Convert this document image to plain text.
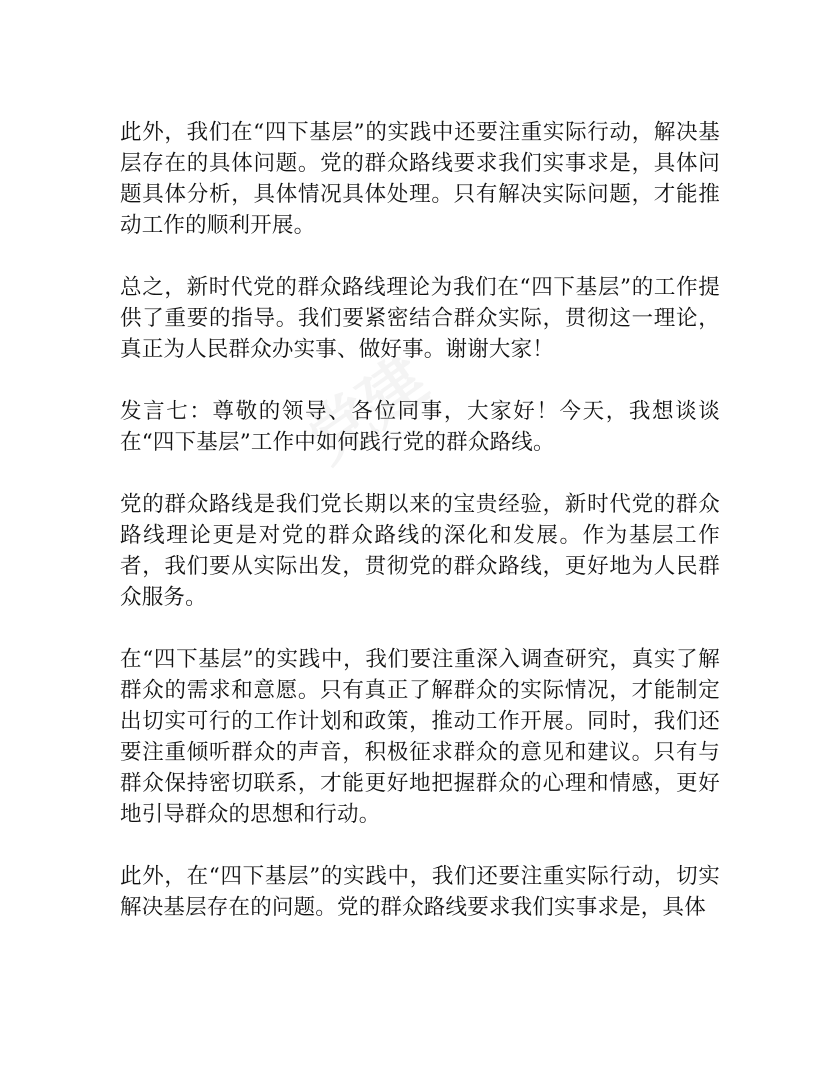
此外，我们在“四下基层”的实践中还要注重实际行动，解决基层存在的具体问题。党的群众路线要求我们实事求是，具体问题具体分析，具体情况具体处理。只有解决实际问题，才能推动工作的顺利开展。

总之，新时代党的群众路线理论为我们在“四下基层”的工作提供了重要的指导。我们要紧密结合群众实际，贯彻这一理论，真正为人民群众办实事、做好事。谢谢大家！

发言七：尊敬的领导、各位同事，大家好！今天，我想谈谈在“四下基层”工作中如何践行党的群众路线。

党的群众路线是我们党长期以来的宝贵经验，新时代党的群众路线理论更是对党的群众路线的深化和发展。作为基层工作者，我们要从实际出发，贯彻党的群众路线，更好地为人民群众服务。

在“四下基层”的实践中，我们要注重深入调查研究，真实了解群众的需求和意愿。只有真正了解群众的实际情况，才能制定出切实可行的工作计划和政策，推动工作开展。同时，我们还要注重倾听群众的声音，积极征求群众的意见和建议。只有与群众保持密切联系，才能更好地把握群众的心理和情感，更好地引导群众的思想和行动。

此外，在“四下基层”的实践中，我们还要注重实际行动，切实解决基层存在的问题。党的群众路线要求我们实事求是，具体
